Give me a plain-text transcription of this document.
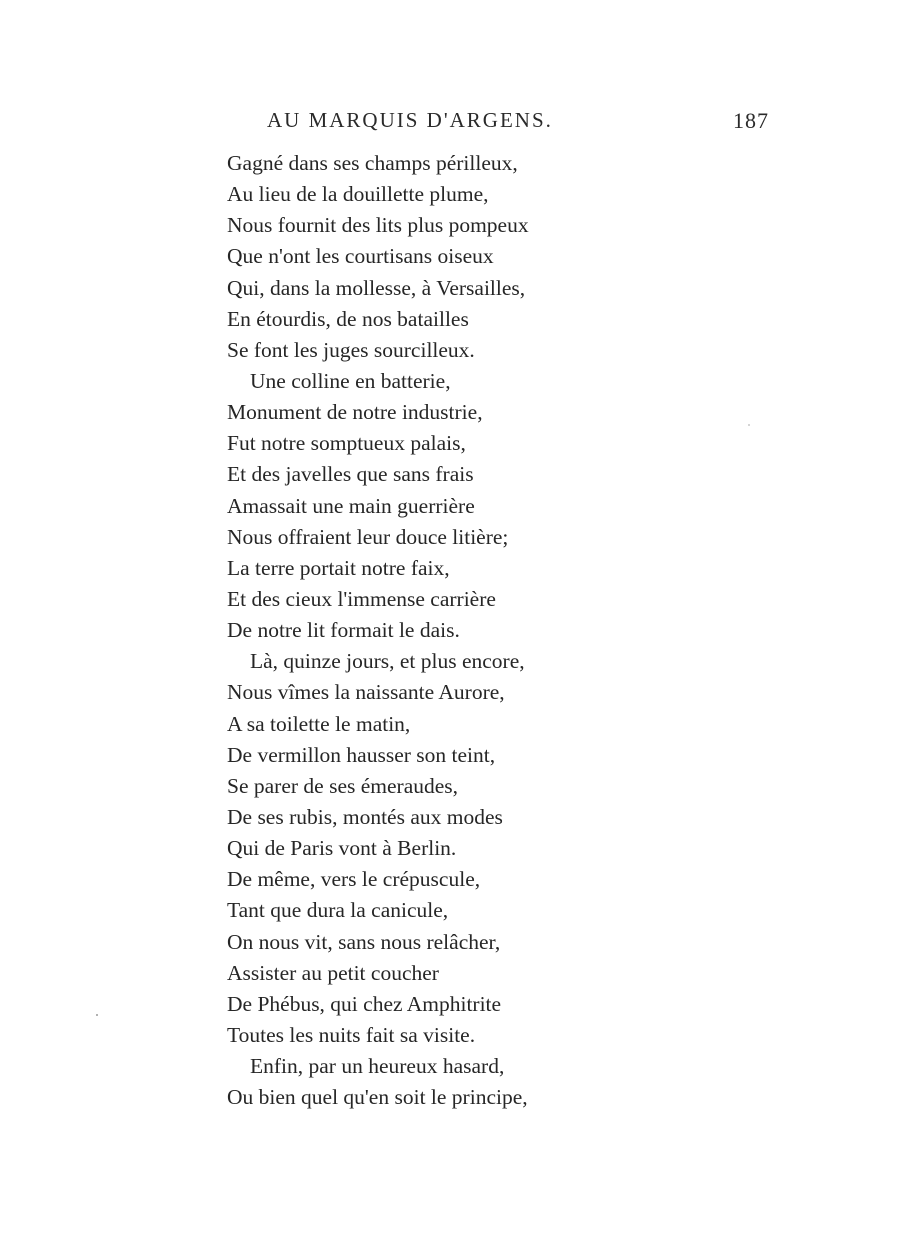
AU MARQUIS D'ARGENS.	187
Gagné dans ses champs périlleux,
Au lieu de la douillette plume,
Nous fournit des lits plus pompeux
Que n'ont les courtisans oiseux
Qui, dans la mollesse, à Versailles,
En étourdis, de nos batailles
Se font les juges sourcilleux.
Une colline en batterie,
Monument de notre industrie,
Fut notre somptueux palais,
Et des javelles que sans frais
Amassait une main guerrière
Nous offraient leur douce litière;
La terre portait notre faix,
Et des cieux l'immense carrière
De notre lit formait le dais.
Là, quinze jours, et plus encore,
Nous vîmes la naissante Aurore,
A sa toilette le matin,
De vermillon hausser son teint,
Se parer de ses émeraudes,
De ses rubis, montés aux modes
Qui de Paris vont à Berlin.
De même, vers le crépuscule,
Tant que dura la canicule,
On nous vit, sans nous relâcher,
Assister au petit coucher
De Phébus, qui chez Amphitrite
Toutes les nuits fait sa visite.
Enfin, par un heureux hasard,
Ou bien quel qu'en soit le principe,
